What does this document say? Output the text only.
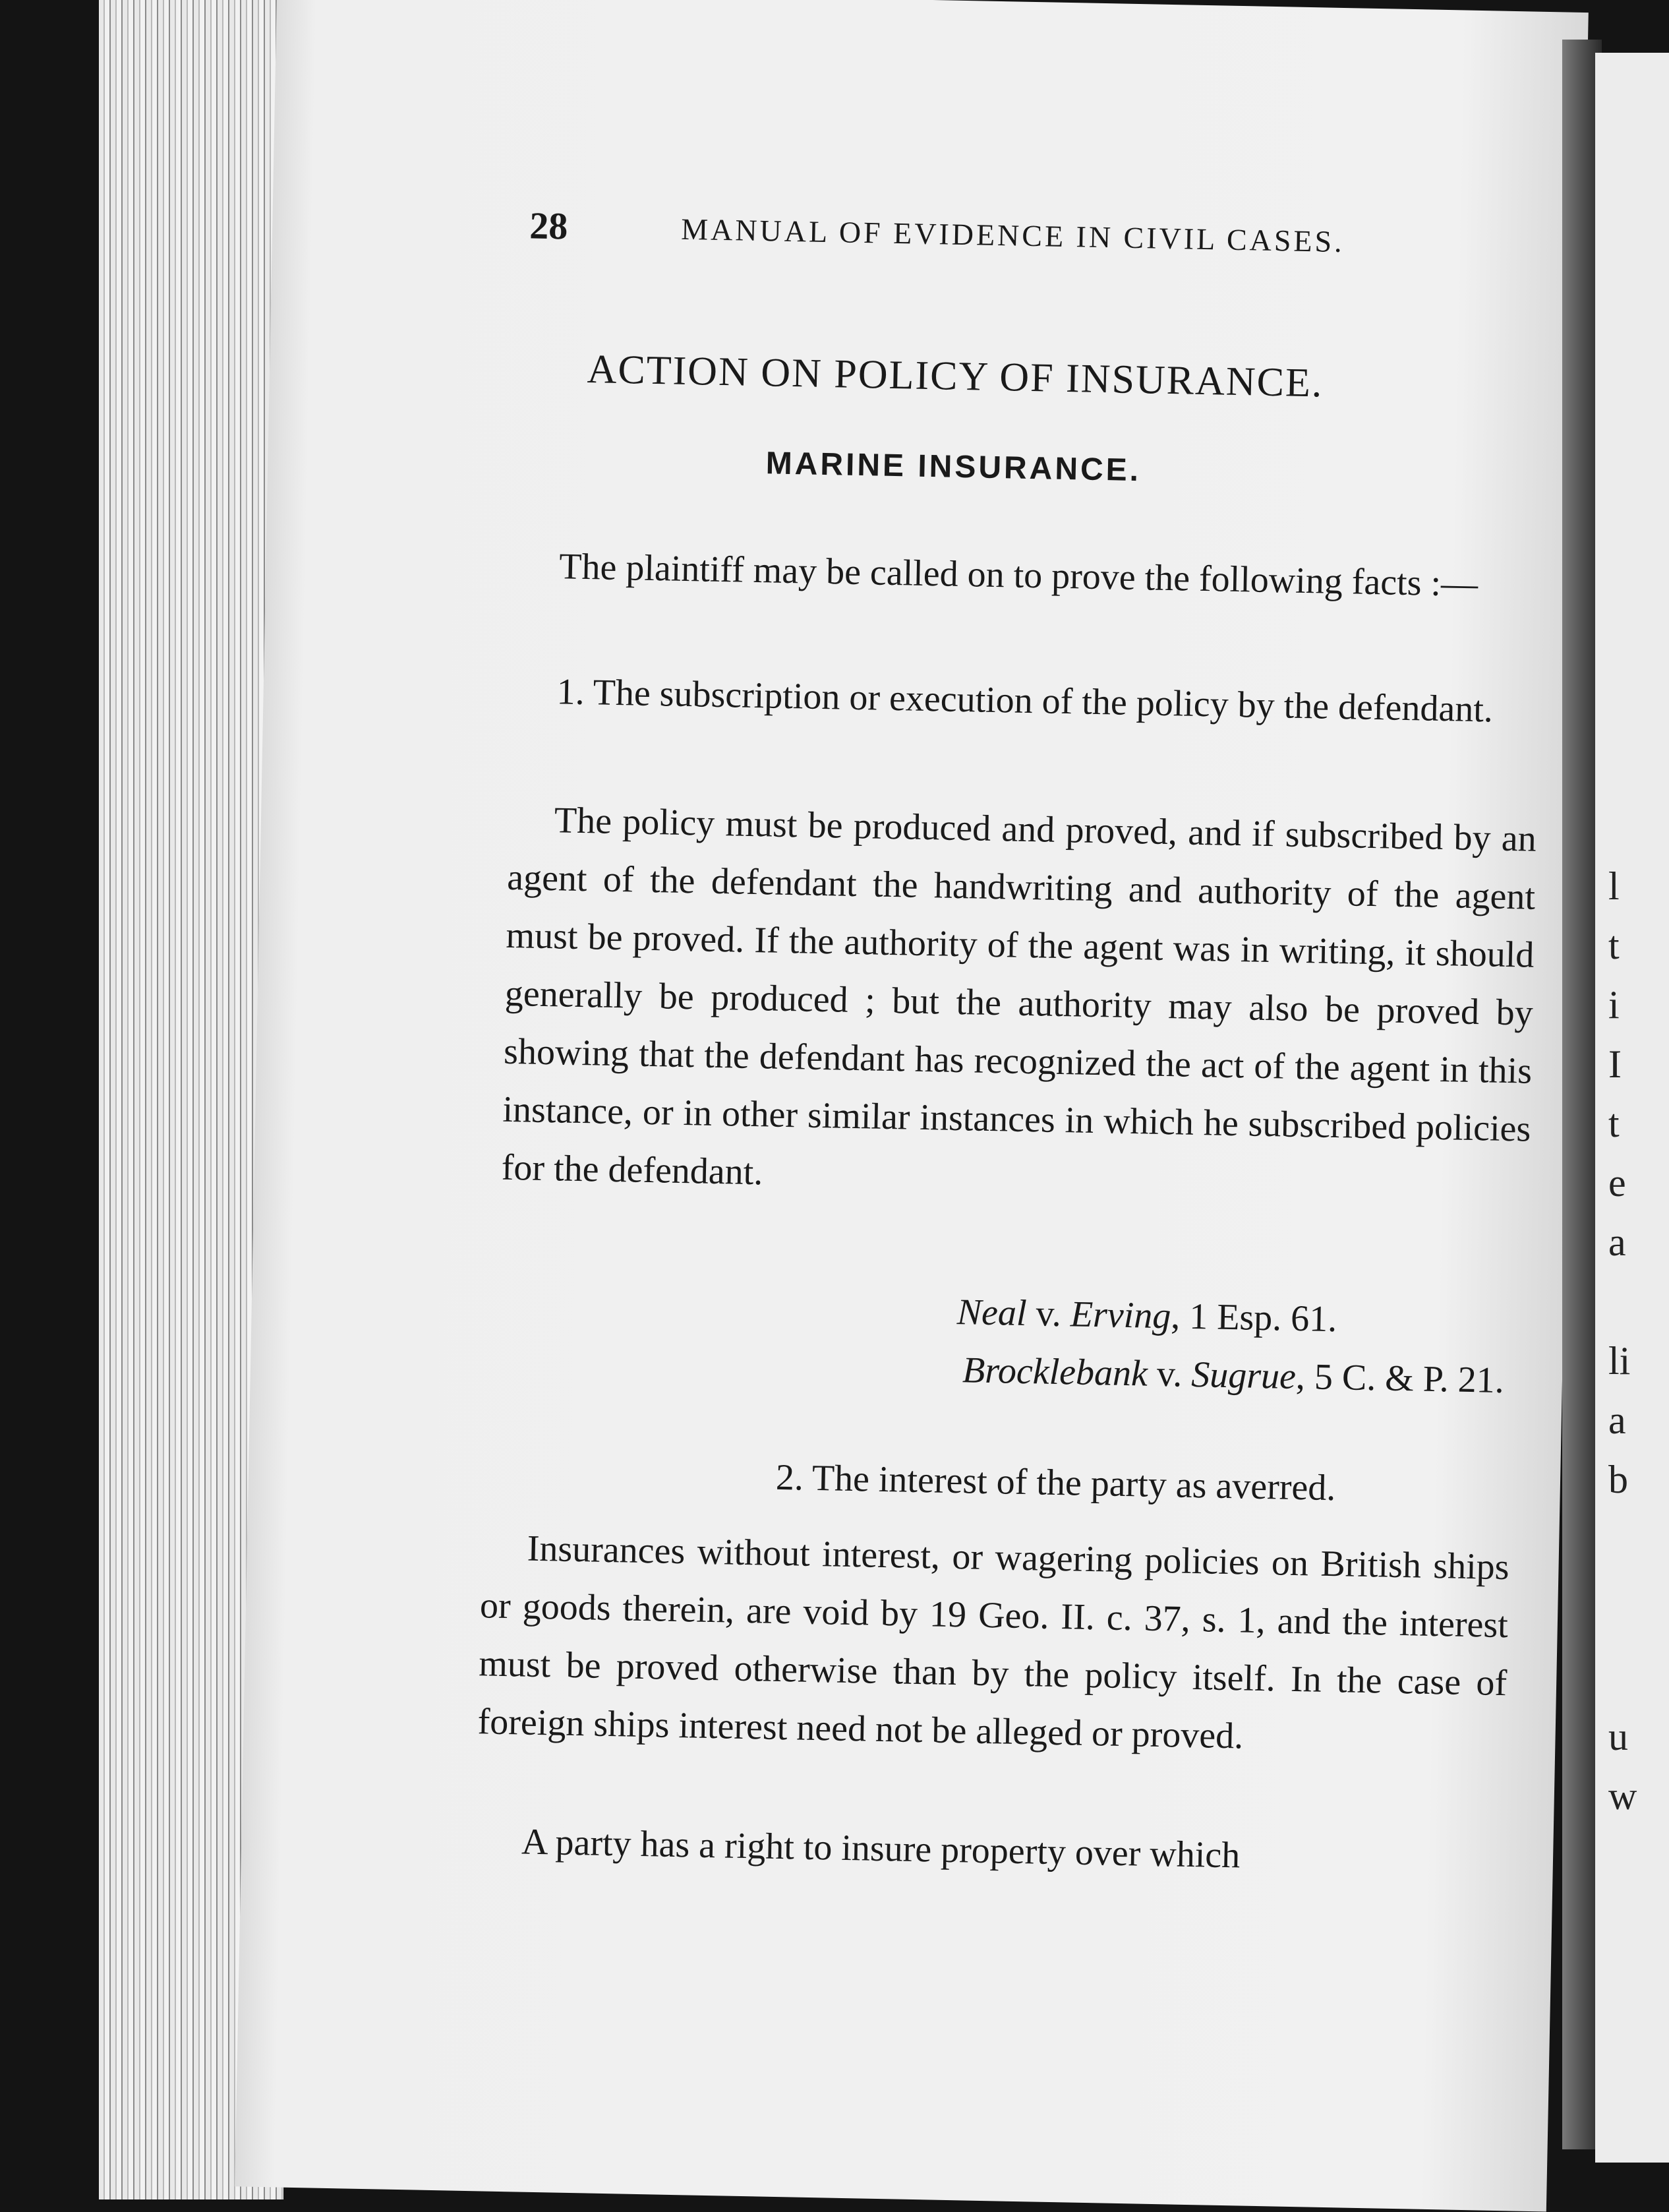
28	MANUAL OF EVIDENCE IN CIVIL CASES.
ACTION ON POLICY OF INSURANCE.
MARINE INSURANCE.

The plaintiff may be called on to prove the following facts :—

1. The subscription or execution of the policy by the defendant.

The policy must be produced and proved, and if subscribed by an agent of the defendant the handwriting and authority of the agent must be proved. If the authority of the agent was in writing, it should generally be produced ; but the authority may also be proved by showing that the defendant has recognized the act of the agent in this instance, or in other similar instances in which he subscribed policies for the defendant.

Neal v. Erving, 1 Esp. 61.
Brocklebank v. Sugrue, 5 C. & P. 21.

2. The interest of the party as averred.

Insurances without interest, or wagering policies on British ships or goods therein, are void by 19 Geo. II. c. 37, s. 1, and the interest must be proved otherwise than by the policy itself. In the case of foreign ships interest need not be alleged or proved.

A party has a right to insure property over which

l
t
i
I
t
e
a
li
a
b
u
w
